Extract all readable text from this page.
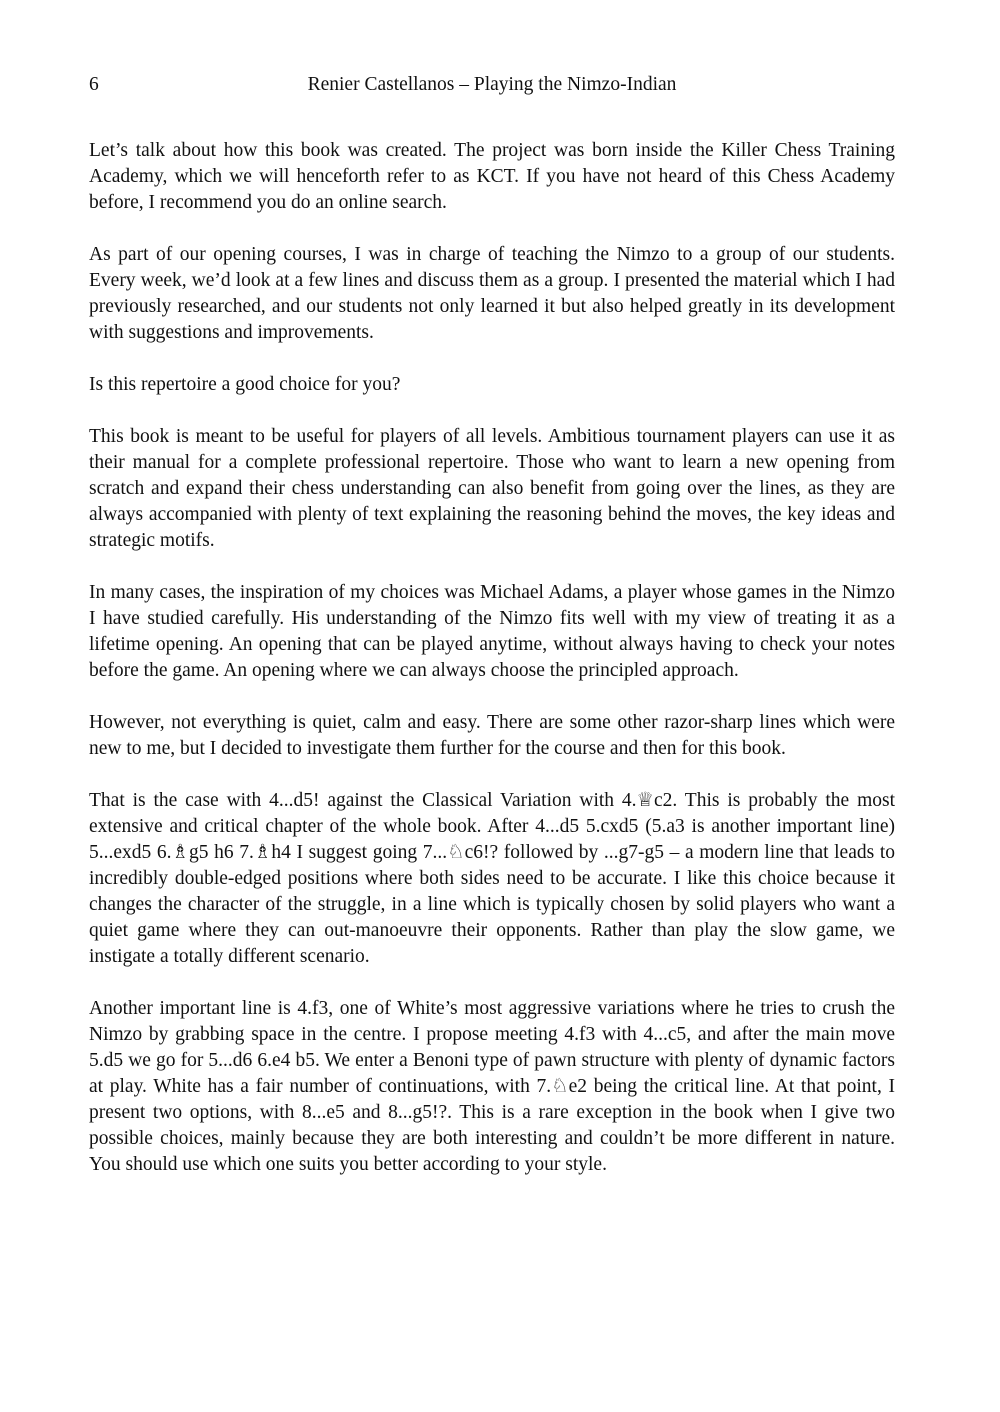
6	Renier Castellanos – Playing the Nimzo-Indian

Let’s talk about how this book was created. The project was born inside the Killer Chess Training Academy, which we will henceforth refer to as KCT. If you have not heard of this Chess Academy before, I recommend you do an online search.

As part of our opening courses, I was in charge of teaching the Nimzo to a group of our students. Every week, we’d look at a few lines and discuss them as a group. I presented the material which I had previously researched, and our students not only learned it but also helped greatly in its development with suggestions and improvements.

Is this repertoire a good choice for you?

This book is meant to be useful for players of all levels. Ambitious tournament players can use it as their manual for a complete professional repertoire. Those who want to learn a new opening from scratch and expand their chess understanding can also benefit from going over the lines, as they are always accompanied with plenty of text explaining the reasoning behind the moves, the key ideas and strategic motifs.

In many cases, the inspiration of my choices was Michael Adams, a player whose games in the Nimzo I have studied carefully. His understanding of the Nimzo fits well with my view of treating it as a lifetime opening. An opening that can be played anytime, without always having to check your notes before the game. An opening where we can always choose the principled approach.

However, not everything is quiet, calm and easy. There are some other razor-sharp lines which were new to me, but I decided to investigate them further for the course and then for this book.

That is the case with 4...d5! against the Classical Variation with 4.♕c2. This is probably the most extensive and critical chapter of the whole book. After 4...d5 5.cxd5 (5.a3 is another important line) 5...exd5 6.♗g5 h6 7.♗h4 I suggest going 7...♘c6!? followed by ...g7-g5 – a modern line that leads to incredibly double-edged positions where both sides need to be accurate. I like this choice because it changes the character of the struggle, in a line which is typically chosen by solid players who want a quiet game where they can out-manoeuvre their opponents. Rather than play the slow game, we instigate a totally different scenario.

Another important line is 4.f3, one of White’s most aggressive variations where he tries to crush the Nimzo by grabbing space in the centre. I propose meeting 4.f3 with 4...c5, and after the main move 5.d5 we go for 5...d6 6.e4 b5. We enter a Benoni type of pawn structure with plenty of dynamic factors at play. White has a fair number of continuations, with 7.♘e2 being the critical line. At that point, I present two options, with 8...e5 and 8...g5!?. This is a rare exception in the book when I give two possible choices, mainly because they are both interesting and couldn’t be more different in nature. You should use which one suits you better according to your style.
